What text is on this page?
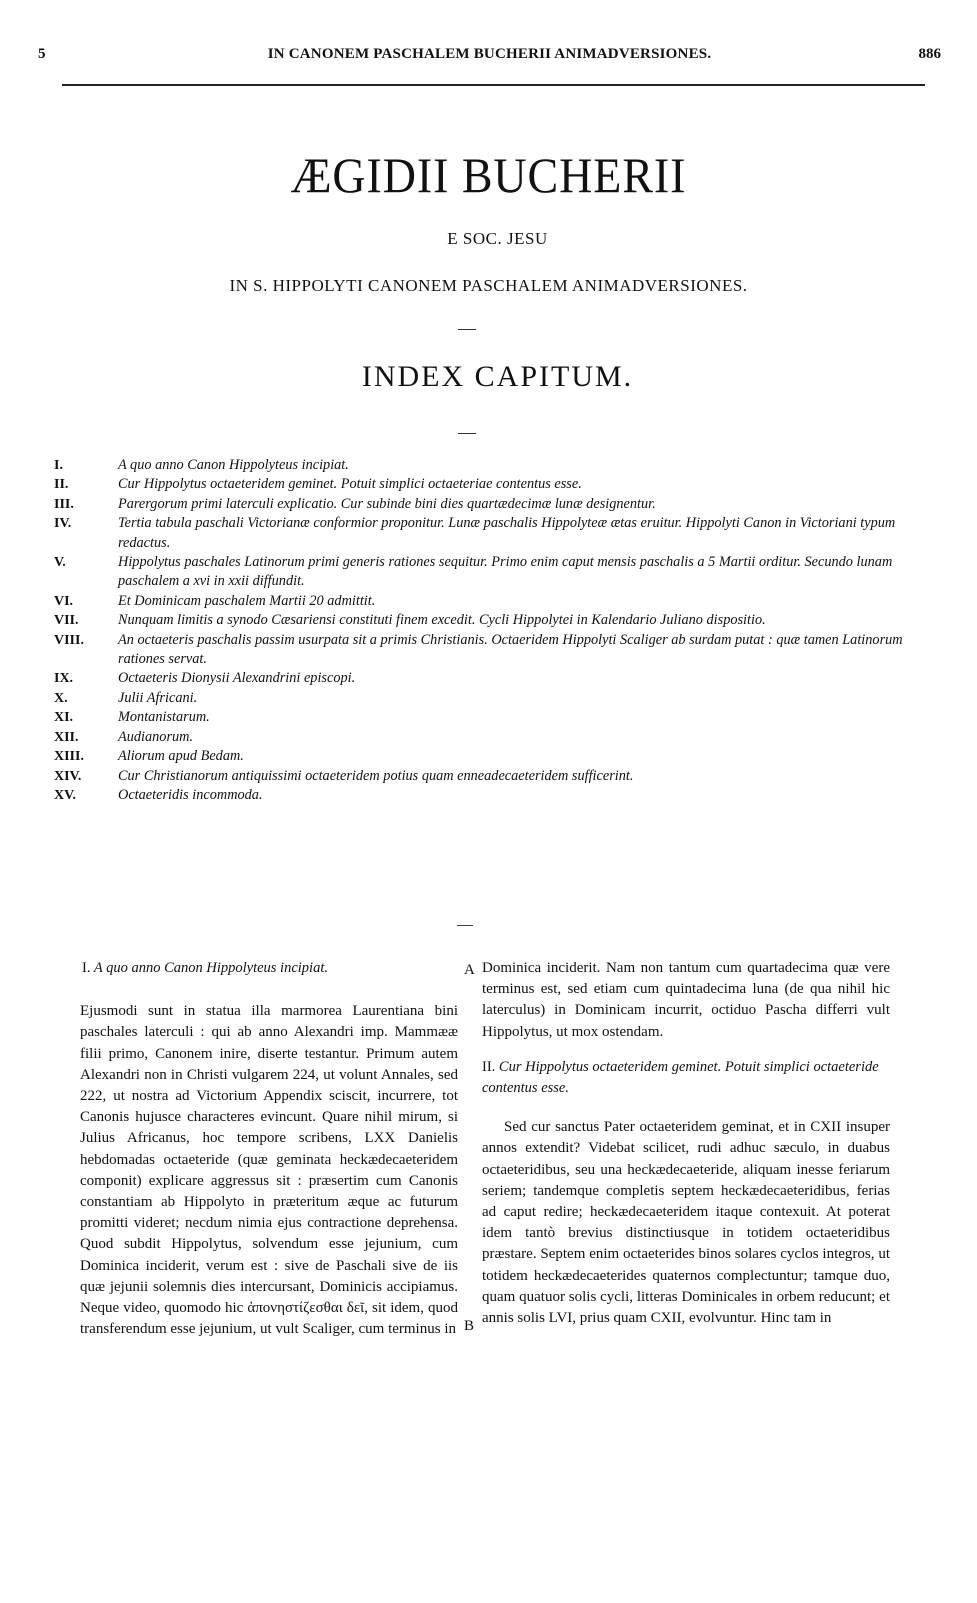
5	IN CANONEM PASCHALEM BUCHERII ANIMADVERSIONES.	886
ÆGIDII BUCHERII
E SOC. JESU
IN S. HIPPOLYTI CANONEM PASCHALEM ANIMADVERSIONES.
INDEX CAPITUM.
I.	A quo anno Canon Hippolyteus incipiat.
II.	Cur Hippolytus octaeteridem geminet. Potuit simplici octaeteriae contentus esse.
III.	Parergorum primi laterculi explicatio. Cur subinde bini dies quartædecimæ lunæ designentur.
IV.	Tertia tabula paschali Victorianæ conformior proponitur. Lunæ paschalis Hippolyteæ ætas eruitur. Hippolyti Canon in Victoriani typum redactus.
V.	Hippolytus paschales Latinorum primi generis rationes sequitur. Primo enim caput mensis paschalis a 5 Martii orditur. Secundo lunam paschalem a xvi in xxii diffundit.
VI.	Et Dominicam paschalem Martii 20 admittit.
VII.	Nunquam limitis a synodo Cæsariensi constituti finem excedit. Cycli Hippolytei in Kalendario Juliano dispositio.
VIII. An octaeteris paschalis passim usurpata sit a primis Christianis. Octaeridem Hippolyti Scaliger ab surdam putat : quæ tamen Latinorum rationes servat.
IX.	Octaeteris Dionysii Alexandrini episcopi.
X.	Julii Africani.
XI.	Montanistarum.
XII.	Audianorum.
XIII. Aliorum apud Bedam.
XIV.	Cur Christianorum antiquissimi octaeteridem potius quam enneadecaeteridem sufficerint.
XV.	Octaeteridis incommoda.
I. A quo anno Canon Hippolyteus incipiat.
Ejusmodi sunt in statua illa marmorea Laurentiana bini paschales laterculi : qui ab anno Alexandri imp. Mammææ filii primo, Canonem inire, diserte testantur. Primum autem Alexandri non in Christi vulgarem 224, ut volunt Annales, sed 222, ut nostra ad Victorium Appendix sciscit, incurrere, tot Canonis hujusce characteres evincunt. Quare nihil mirum, si Julius Africanus, hoc tempore scribens, LXX Danielis hebdomadas octaeteride (quæ geminata heckædecaeteridem componit) explicare aggressus sit : præsertim cum Canonis constantiam ab Hippolyto in præteritum æque ac futurum promitti videret; necdum nimia ejus contractione deprehensa. Quod subdit Hippolytus, solvendum esse jejunium, cum Dominica inciderit, verum est : sive de Paschali sive de iis quæ jejunii solemnis dies intercursant, Dominicis accipiamus. Neque video, quomodo hic ἀπονηστίζεσθαι δεῖ, sit idem, quod transferendum esse jejunium, ut vult Scaliger, cum terminus in
A
B
Dominica inciderit. Nam non tantum cum quartadecima quæ vere terminus est, sed etiam cum quintadecima luna (de qua nihil hic laterculus) in Dominicam incurrit, octiduo Pascha differri vult Hippolytus, ut mox ostendam.
II. Cur Hippolytus octaeteridem geminet. Potuit simplici octaeteride contentus esse.
Sed cur sanctus Pater octaeteridem geminat, et in CXII insuper annos extendit? Videbat scilicet, rudi adhuc sæculo, in duabus octaeteridibus, seu una heckædecaeteride, aliquam inesse feriarum seriem; tandemque completis septem heckædecaeteridibus, ferias ad caput redire; heckædecaeteridem itaque contexuit. At poterat idem tantò brevius distinctiusque in totidem octaeteridibus præstare. Septem enim octaeterides binos solares cyclos integros, ut totidem heckædecaeterides quaternos complectuntur; tamque duo, quam quatuor solis cycli, litteras Dominicales in orbem reducunt; et annis solis LVI, prius quam CXII, evolvuntur. Hinc tam in
